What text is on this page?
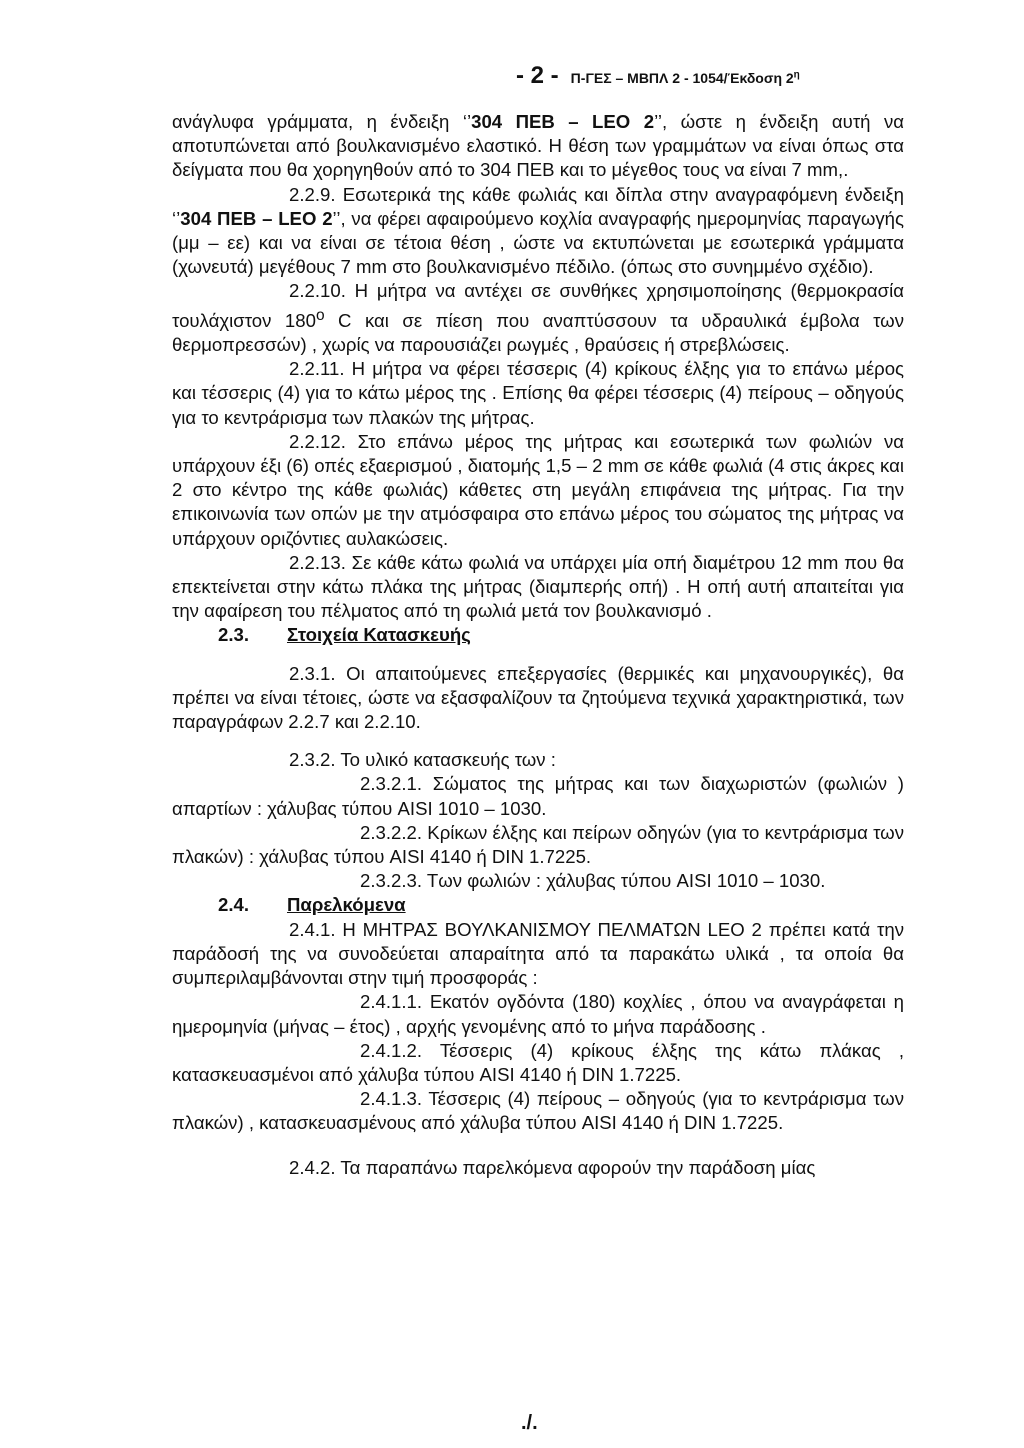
- 2 - Π-ΓΕΣ – ΜΒΠΛ 2 - 1054/Έκδοση $2^\eta$

ανάγλυφα γράμματα, η ένδειξη ‘’304 ΠΕΒ – LEO 2’’, ώστε η ένδειξη αυτή να αποτυπώνεται από βουλκανισμένο ελαστικό. Η θέση των γραμμάτων να είναι όπως στα δείγματα που θα χορηγηθούν από το 304 ΠΕΒ και το μέγεθος τους να είναι 7 mm,.

2.2.9. Εσωτερικά της κάθε φωλιάς και δίπλα στην αναγραφόμενη ένδειξη ‘’304 ΠΕΒ – LEO 2’’, να φέρει αφαιρούμενο κοχλία αναγραφής ημερομηνίας παραγωγής (μμ – εε) και να είναι σε τέτοια θέση , ώστε να εκτυπώνεται με εσωτερικά γράμματα (χωνευτά) μεγέθους 7 mm στο βουλκανισμένο πέδιλο. (όπως στο συνημμένο σχέδιο).

2.2.10. Η μήτρα να αντέχει σε συνθήκες χρησιμοποίησης (θερμοκρασία τουλάχιστον $180^o$ C και σε πίεση που αναπτύσσουν τα υδραυλικά έμβολα των θερμοπρεσσών) , χωρίς να παρουσιάζει ρωγμές , θραύσεις ή στρεβλώσεις.

2.2.11. Η μήτρα να φέρει τέσσερις (4) κρίκους έλξης για το επάνω μέρος και τέσσερις (4) για το κάτω μέρος της . Επίσης θα φέρει τέσσερις (4) πείρους – οδηγούς για το κεντράρισμα των πλακών της μήτρας.

2.2.12. Στο επάνω μέρος της μήτρας και εσωτερικά των φωλιών να υπάρχουν έξι (6) οπές εξαερισμού , διατομής 1,5 – 2 mm σε κάθε φωλιά (4 στις άκρες και 2 στο κέντρο της κάθε φωλιάς) κάθετες στη μεγάλη επιφάνεια της μήτρας. Για την επικοινωνία των οπών με την ατμόσφαιρα στο επάνω μέρος του σώματος της μήτρας να υπάρχουν οριζόντιες αυλακώσεις.

2.2.13. Σε κάθε κάτω φωλιά να υπάρχει μία οπή διαμέτρου 12 mm που θα επεκτείνεται στην κάτω πλάκα της μήτρας (διαμπερής οπή) . Η οπή αυτή απαιτείται για την αφαίρεση του πέλματος από τη φωλιά μετά τον βουλκανισμό .

2.3. Στοιχεία Κατασκευής

2.3.1. Οι απαιτούμενες επεξεργασίες (θερμικές και μηχανουργικές), θα πρέπει να είναι τέτοιες, ώστε να εξασφαλίζουν τα ζητούμενα τεχνικά χαρακτηριστικά, των παραγράφων 2.2.7 και 2.2.10.

2.3.2. Το υλικό κατασκευής των :

2.3.2.1. Σώματος της μήτρας και των διαχωριστών (φωλιών ) απαρτίων : χάλυβας τύπου AISI 1010 – 1030.

2.3.2.2. Κρίκων έλξης και πείρων οδηγών (για το κεντράρισμα των πλακών) : χάλυβας τύπου AISI 4140 ή DIN 1.7225.

2.3.2.3. Των φωλιών : χάλυβας τύπου AISI 1010 – 1030.

2.4. Παρελκόμενα

2.4.1. Η ΜΗΤΡΑΣ ΒΟΥΛΚΑΝΙΣΜΟΥ ΠΕΛΜΑΤΩΝ LEO 2 πρέπει κατά την παράδοσή της να συνοδεύεται απαραίτητα από τα παρακάτω υλικά , τα οποία θα συμπεριλαμβάνονται στην τιμή προσφοράς :

2.4.1.1. Εκατόν ογδόντα (180) κοχλίες , όπου να αναγράφεται η ημερομηνία (μήνας – έτος) , αρχής γενομένης από το μήνα παράδοσης .

2.4.1.2. Τέσσερις (4) κρίκους έλξης της κάτω πλάκας , κατασκευασμένοι από χάλυβα τύπου AISI 4140 ή DIN 1.7225.

2.4.1.3. Τέσσερις (4) πείρους – οδηγούς (για το κεντράρισμα των πλακών) , κατασκευασμένους από χάλυβα τύπου AISI 4140 ή DIN 1.7225.

2.4.2. Τα παραπάνω παρελκόμενα αφορούν την παράδοση μίας

./.
